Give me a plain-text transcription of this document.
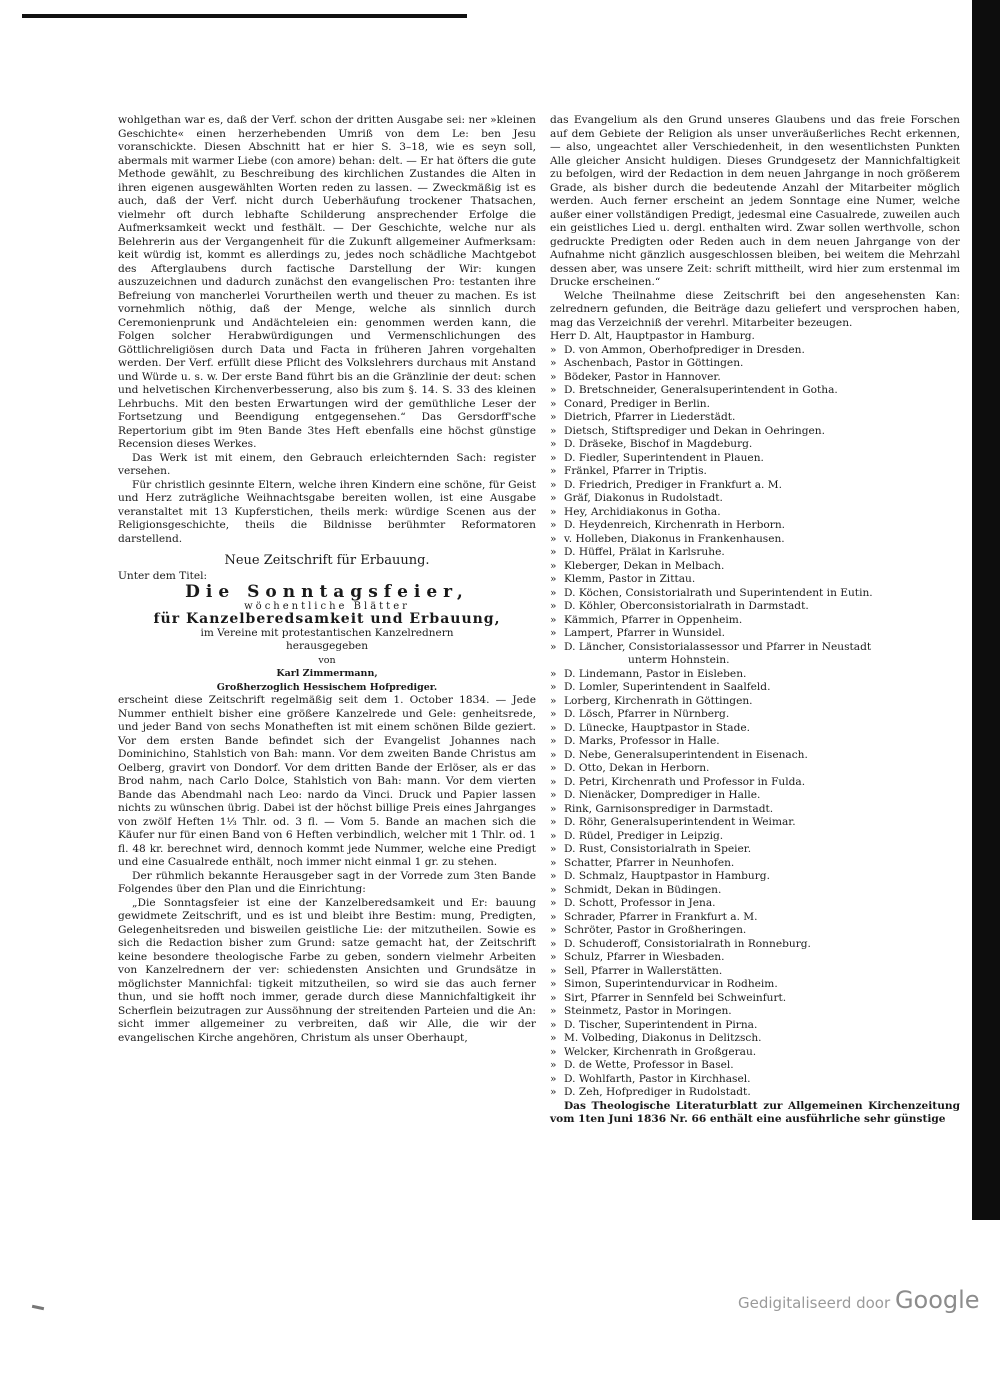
wohlgethan war es, daß der Verf. schon der dritten Ausgabe sei: ner »kleinen Geschichte« einen herzerhebenden Umriß von dem Le: ben Jesu voranschickte. Diesen Abschnitt hat er hier S. 3–18, wie es seyn soll, abermals mit warmer Liebe (con amore) behan: delt. — Er hat öfters die gute Methode gewählt, zu Beschreibung des kirchlichen Zustandes die Alten in ihren eigenen ausgewählten Worten reden zu lassen. — Zweckmäßig ist es auch, daß der Verf. nicht durch Ueberhäufung trockener Thatsachen, vielmehr oft durch lebhafte Schilderung ansprechender Erfolge die Aufmerksamkeit weckt und festhält. — Der Geschichte, welche nur als Belehrerin aus der Vergangenheit für die Zukunft allgemeiner Aufmerksam: keit würdig ist, kommt es allerdings zu, jedes noch schädliche Machtgebot des Afterglaubens durch factische Darstellung der Wir: kungen auszuzeichnen und dadurch zunächst den evangelischen Pro: testanten ihre Befreiung von mancherlei Vorurtheilen werth und theuer zu machen. Es ist vornehmlich nöthig, daß der Menge, welche als sinnlich durch Ceremonienprunk und Andächteleien ein: genommen werden kann, die Folgen solcher Herabwürdigungen und Vermenschlichungen des Göttlichreligiösen durch Data und Facta in früheren Jahren vorgehalten werden. Der Verf. erfüllt diese Pflicht des Volkslehrers durchaus mit Anstand und Würde u. s. w. Der erste Band führt bis an die Gränzlinie der deut: schen und helvetischen Kirchenverbesserung, also bis zum §. 14. S. 33 des kleinen Lehrbuchs. Mit den besten Erwartungen wird der gemüthliche Leser der Fortsetzung und Beendigung entgegensehen.“ Das Gersdorff'sche Repertorium gibt im 9ten Bande 3tes Heft ebenfalls eine höchst günstige Recension dieses Werkes.

Das Werk ist mit einem, den Gebrauch erleichternden Sach: register versehen.

Für christlich gesinnte Eltern, welche ihren Kindern eine schöne, für Geist und Herz zuträgliche Weihnachtsgabe bereiten wollen, ist eine Ausgabe veranstaltet mit 13 Kupferstichen, theils merk: würdige Scenen aus der Religionsgeschichte, theils die Bildnisse berühmter Reformatoren darstellend.

Neue Zeitschrift für Erbauung.

Unter dem Titel:

Die Sonntagsfeier,

wöchentliche Blätter

für Kanzelberedsamkeit und Erbauung,

im Vereine mit protestantischen Kanzelrednern

herausgegeben

von

Karl Zimmermann,

Großherzoglich Hessischem Hofprediger.

erscheint diese Zeitschrift regelmäßig seit dem 1. October 1834. — Jede Nummer enthielt bisher eine größere Kanzelrede und Gele: genheitsrede, und jeder Band von sechs Monatheften ist mit einem schönen Bilde geziert. Vor dem ersten Bande befindet sich der Evangelist Johannes nach Dominichino, Stahlstich von Bah: mann. Vor dem zweiten Bande Christus am Oelberg, gravirt von Dondorf. Vor dem dritten Bande der Erlöser, als er das Brod nahm, nach Carlo Dolce, Stahlstich von Bah: mann. Vor dem vierten Bande das Abendmahl nach Leo: nardo da Vinci. Druck und Papier lassen nichts zu wünschen übrig. Dabei ist der höchst billige Preis eines Jahrganges von zwölf Heften 1⅓ Thlr. od. 3 fl. — Vom 5. Bande an machen sich die Käufer nur für einen Band von 6 Heften verbindlich, welcher mit 1 Thlr. od. 1 fl. 48 kr. berechnet wird, dennoch kommt jede Nummer, welche eine Predigt und eine Casualrede enthält, noch immer nicht einmal 1 gr. zu stehen.

Der rühmlich bekannte Herausgeber sagt in der Vorrede zum 3ten Bande Folgendes über den Plan und die Einrichtung:

„Die Sonntagsfeier ist eine der Kanzelberedsamkeit und Er: bauung gewidmete Zeitschrift, und es ist und bleibt ihre Bestim: mung, Predigten, Gelegenheitsreden und bisweilen geistliche Lie: der mitzutheilen. Sowie es sich die Redaction bisher zum Grund: satze gemacht hat, der Zeitschrift keine besondere theologische Farbe zu geben, sondern vielmehr Arbeiten von Kanzelrednern der ver: schiedensten Ansichten und Grundsätze in möglichster Mannichfal: tigkeit mitzutheilen, so wird sie das auch ferner thun, und sie hofft noch immer, gerade durch diese Mannichfaltigkeit ihr Scherflein beizutragen zur Aussöhnung der streitenden Parteien und die An: sicht immer allgemeiner zu verbreiten, daß wir Alle, die wir der evangelischen Kirche angehören, Christum als unser Oberhaupt,

das Evangelium als den Grund unseres Glaubens und das freie Forschen auf dem Gebiete der Religion als unser unveräußerliches Recht erkennen, — also, ungeachtet aller Verschiedenheit, in den wesentlichsten Punkten Alle gleicher Ansicht huldigen. Dieses Grundgesetz der Mannichfaltigkeit zu befolgen, wird der Redaction in dem neuen Jahrgange in noch größerem Grade, als bisher durch die bedeutende Anzahl der Mitarbeiter möglich werden. Auch ferner erscheint an jedem Sonntage eine Numer, welche außer einer vollständigen Predigt, jedesmal eine Casualrede, zuweilen auch ein geistliches Lied u. dergl. enthalten wird. Zwar sollen werthvolle, schon gedruckte Predigten oder Reden auch in dem neuen Jahrgange von der Aufnahme nicht gänzlich ausgeschlossen bleiben, bei weitem die Mehrzahl dessen aber, was unsere Zeit: schrift mittheilt, wird hier zum erstenmal im Drucke erscheinen.“

Welche Theilnahme diese Zeitschrift bei den angesehensten Kan: zelrednern gefunden, die Beiträge dazu geliefert und versprochen haben, mag das Verzeichniß der verehrl. Mitarbeiter bezeugen.

Herr D. Alt, Hauptpastor in Hamburg.
» D. von Ammon, Oberhofprediger in Dresden.
» Aschenbach, Pastor in Göttingen.
» Bödeker, Pastor in Hannover.
» D. Bretschneider, Generalsuperintendent in Gotha.
» Conard, Prediger in Berlin.
» Dietrich, Pfarrer in Liederstädt.
» Dietsch, Stiftsprediger und Dekan in Oehringen.
» D. Dräseke, Bischof in Magdeburg.
» D. Fiedler, Superintendent in Plauen.
» Fränkel, Pfarrer in Triptis.
» D. Friedrich, Prediger in Frankfurt a. M.
» Gräf, Diakonus in Rudolstadt.
» Hey, Archidiakonus in Gotha.
» D. Heydenreich, Kirchenrath in Herborn.
» v. Holleben, Diakonus in Frankenhausen.
» D. Hüffel, Prälat in Karlsruhe.
» Kleberger, Dekan in Melbach.
» Klemm, Pastor in Zittau.
» D. Köchen, Consistorialrath und Superintendent in Eutin.
» D. Köhler, Oberconsistorialrath in Darmstadt.
» Kämmich, Pfarrer in Oppenheim.
» Lampert, Pfarrer in Wunsidel.
» D. Läncher, Consistorialassessor und Pfarrer in Neustadt
unterm Hohnstein.
» D. Lindemann, Pastor in Eisleben.
» D. Lomler, Superintendent in Saalfeld.
» Lorberg, Kirchenrath in Göttingen.
» D. Lösch, Pfarrer in Nürnberg.
» D. Lünecke, Hauptpastor in Stade.
» D. Marks, Professor in Halle.
» D. Nebe, Generalsuperintendent in Eisenach.
» D. Otto, Dekan in Herborn.
» D. Petri, Kirchenrath und Professor in Fulda.
» D. Nienäcker, Domprediger in Halle.
» Rink, Garnisonsprediger in Darmstadt.
» D. Röhr, Generalsuperintendent in Weimar.
» D. Rüdel, Prediger in Leipzig.
» D. Rust, Consistorialrath in Speier.
» Schatter, Pfarrer in Neunhofen.
» D. Schmalz, Hauptpastor in Hamburg.
» Schmidt, Dekan in Büdingen.
» D. Schott, Professor in Jena.
» Schrader, Pfarrer in Frankfurt a. M.
» Schröter, Pastor in Großheringen.
» D. Schuderoff, Consistorialrath in Ronneburg.
» Schulz, Pfarrer in Wiesbaden.
» Sell, Pfarrer in Wallerstätten.
» Simon, Superintendurvicar in Rodheim.
» Sirt, Pfarrer in Sennfeld bei Schweinfurt.
» Steinmetz, Pastor in Moringen.
» D. Tischer, Superintendent in Pirna.
» M. Volbeding, Diakonus in Delitzsch.
» Welcker, Kirchenrath in Großgerau.
» D. de Wette, Professor in Basel.
» D. Wohlfarth, Pastor in Kirchhasel.
» D. Zeh, Hofprediger in Rudolstadt.

Das Theologische Literaturblatt zur Allgemeinen Kirchenzeitung vom 1ten Juni 1836 Nr. 66 enthält eine ausführliche sehr günstige

Gedigitaliseerd door Google
